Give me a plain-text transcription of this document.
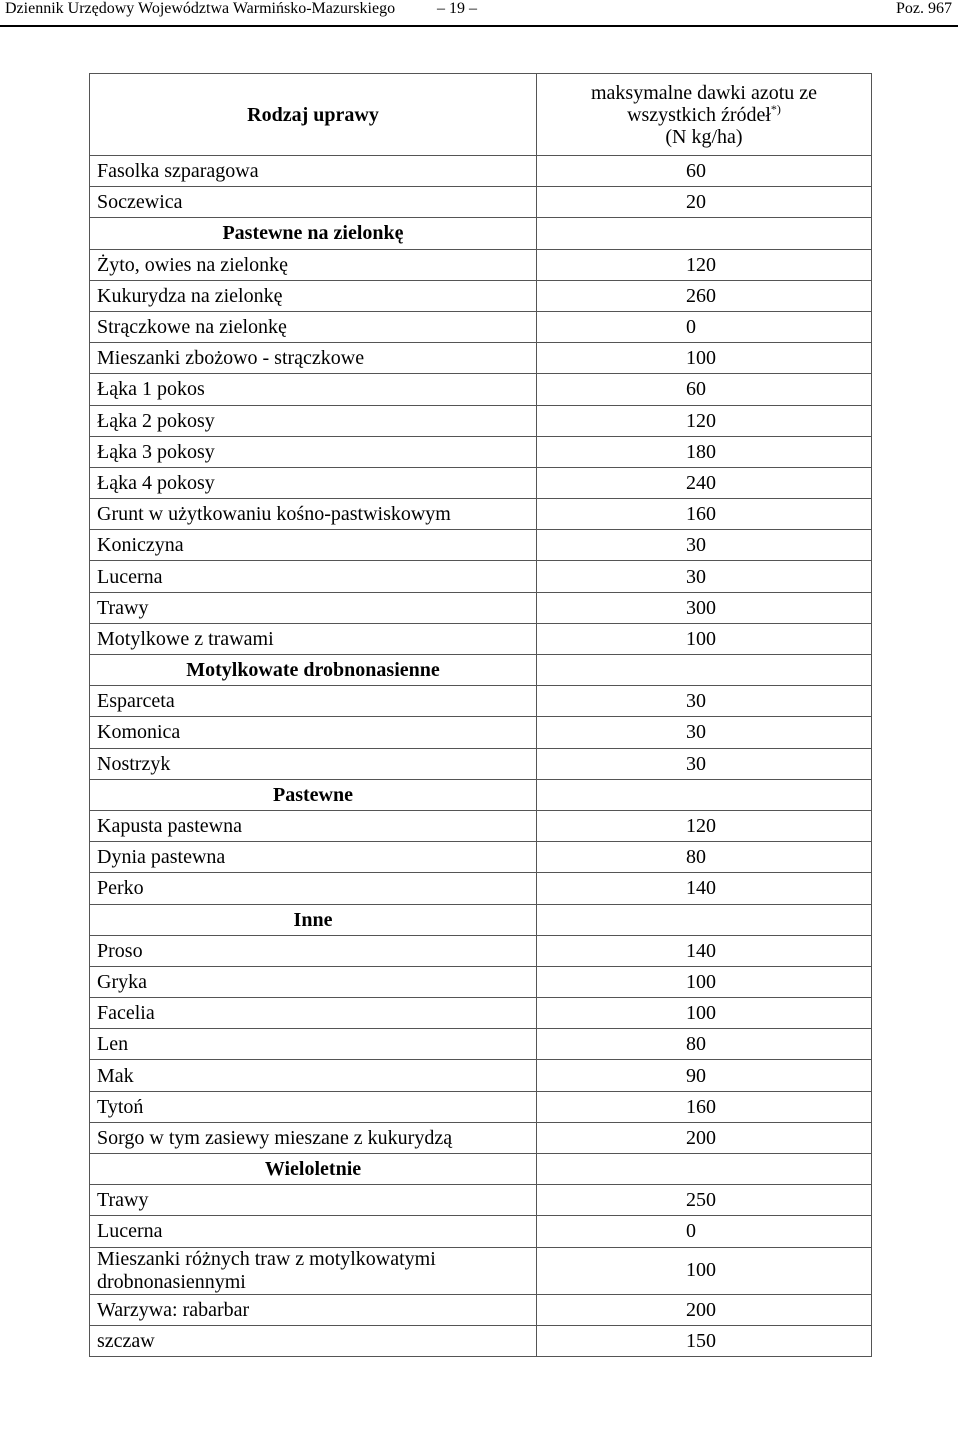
Dziennik Urzędowy Województwa Warmińsko-Mazurskiego	– 19 –	Poz. 967
Rodzaj uprawy	maksymalne dawki azotu ze
wszystkich źródeł*)
(N kg/ha)
Fasolka szparagowa	60
Soczewica	20
Pastewne na zielonkę	
Żyto, owies na zielonkę	120
Kukurydza na zielonkę	260
Strączkowe na zielonkę	0
Mieszanki zbożowo - strączkowe	100
Łąka 1 pokos	60
Łąka 2 pokosy	120
Łąka 3 pokosy	180
Łąka 4 pokosy	240
Grunt w użytkowaniu kośno-pastwiskowym	160
Koniczyna	30
Lucerna	30
Trawy	300
Motylkowe z trawami	100
Motylkowate drobnonasienne	
Esparceta	30
Komonica	30
Nostrzyk	30
Pastewne	
Kapusta pastewna	120
Dynia pastewna	80
Perko	140
Inne	
Proso	140
Gryka	100
Facelia	100
Len	80
Mak	90
Tytoń	160
Sorgo w tym zasiewy mieszane z kukurydzą	200
Wieloletnie	
Trawy	250
Lucerna	0
Mieszanki różnych traw z motylkowatymi drobnonasiennymi	100
Warzywa: rabarbar	200
szczaw	150
